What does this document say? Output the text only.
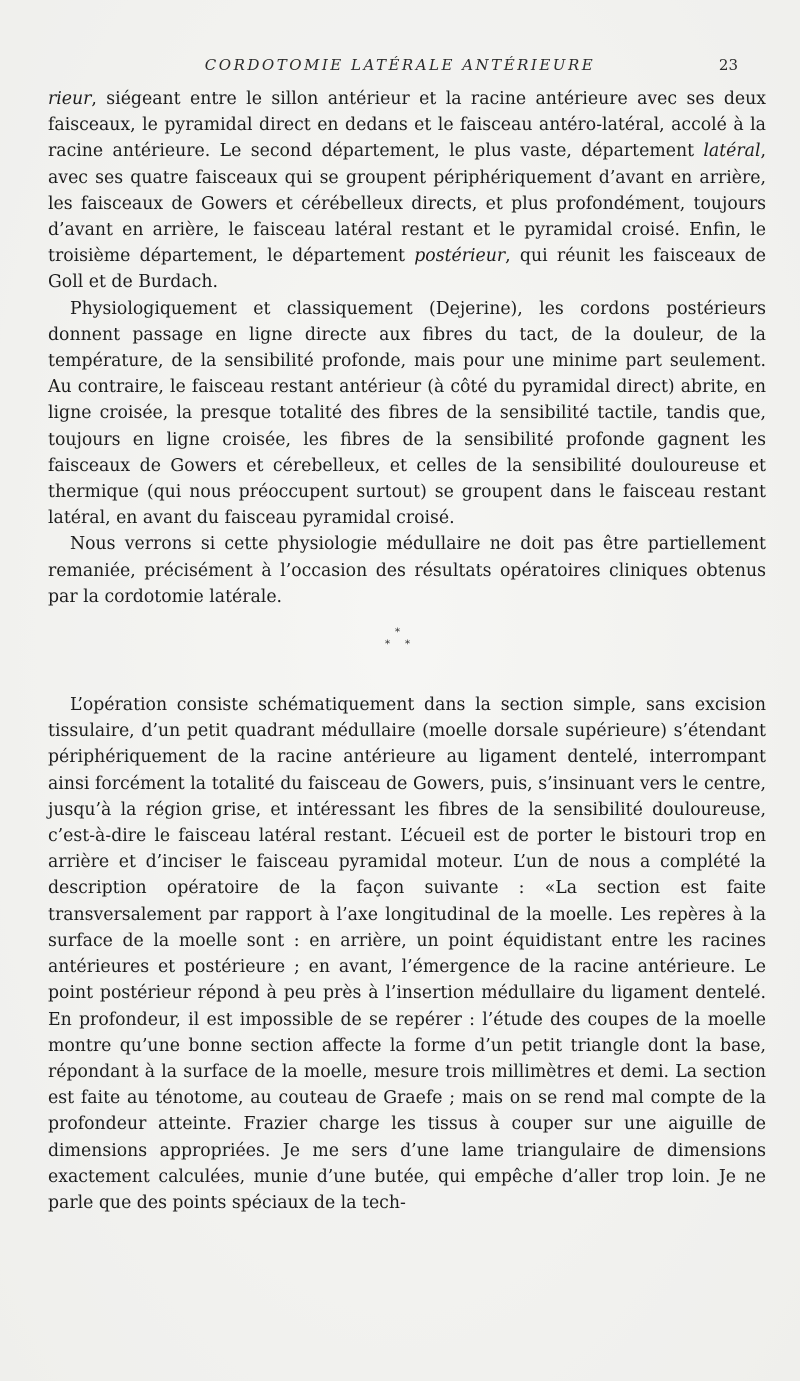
CORDOTOMIE LATÉRALE ANTÉRIEURE	23

rieur, siégeant entre le sillon antérieur et la racine antérieure avec ses deux faisceaux, le pyramidal direct en dedans et le faisceau antéro-latéral, accolé à la racine antérieure. Le second département, le plus vaste, département latéral, avec ses quatre faisceaux qui se groupent périphériquement d’avant en arrière, les faisceaux de Gowers et cérébelleux directs, et plus profondément, toujours d’avant en arrière, le faisceau latéral restant et le pyramidal croisé. Enfin, le troisième département, le département postérieur, qui réunit les faisceaux de Goll et de Burdach.

Physiologiquement et classiquement (Dejerine), les cordons postérieurs donnent passage en ligne directe aux fibres du tact, de la douleur, de la température, de la sensibilité profonde, mais pour une minime part seulement. Au contraire, le faisceau restant antérieur (à côté du pyramidal direct) abrite, en ligne croisée, la presque totalité des fibres de la sensibilité tactile, tandis que, toujours en ligne croisée, les fibres de la sensibilité profonde gagnent les faisceaux de Gowers et cérebelleux, et celles de la sensibilité douloureuse et thermique (qui nous préoccupent surtout) se groupent dans le faisceau restant latéral, en avant du faisceau pyramidal croisé.

Nous verrons si cette physiologie médullaire ne doit pas être partiellement remaniée, précisément à l’occasion des résultats opératoires cliniques obtenus par la cordotomie latérale.

*
* *

L’opération consiste schématiquement dans la section simple, sans excision tissulaire, d’un petit quadrant médullaire (moelle dorsale supérieure) s’étendant périphériquement de la racine antérieure au ligament dentelé, interrompant ainsi forcément la totalité du faisceau de Gowers, puis, s’insinuant vers le centre, jusqu’à la région grise, et intéressant les fibres de la sensibilité douloureuse, c’est-à-dire le faisceau latéral restant. L’écueil est de porter le bistouri trop en arrière et d’inciser le faisceau pyramidal moteur. L’un de nous a complété la description opératoire de la façon suivante : «La section est faite transversalement par rapport à l’axe longitudinal de la moelle. Les repères à la surface de la moelle sont : en arrière, un point équidistant entre les racines antérieures et postérieure ; en avant, l’émergence de la racine antérieure. Le point postérieur répond à peu près à l’insertion médullaire du ligament dentelé. En profondeur, il est impossible de se repérer : l’étude des coupes de la moelle montre qu’une bonne section affecte la forme d’un petit triangle dont la base, répondant à la surface de la moelle, mesure trois millimètres et demi. La section est faite au ténotome, au couteau de Graefe ; mais on se rend mal compte de la profondeur atteinte. Frazier charge les tissus à couper sur une aiguille de dimensions appropriées. Je me sers d’une lame triangulaire de dimensions exactement calculées, munie d’une butée, qui empêche d’aller trop loin. Je ne parle que des points spéciaux de la tech-
